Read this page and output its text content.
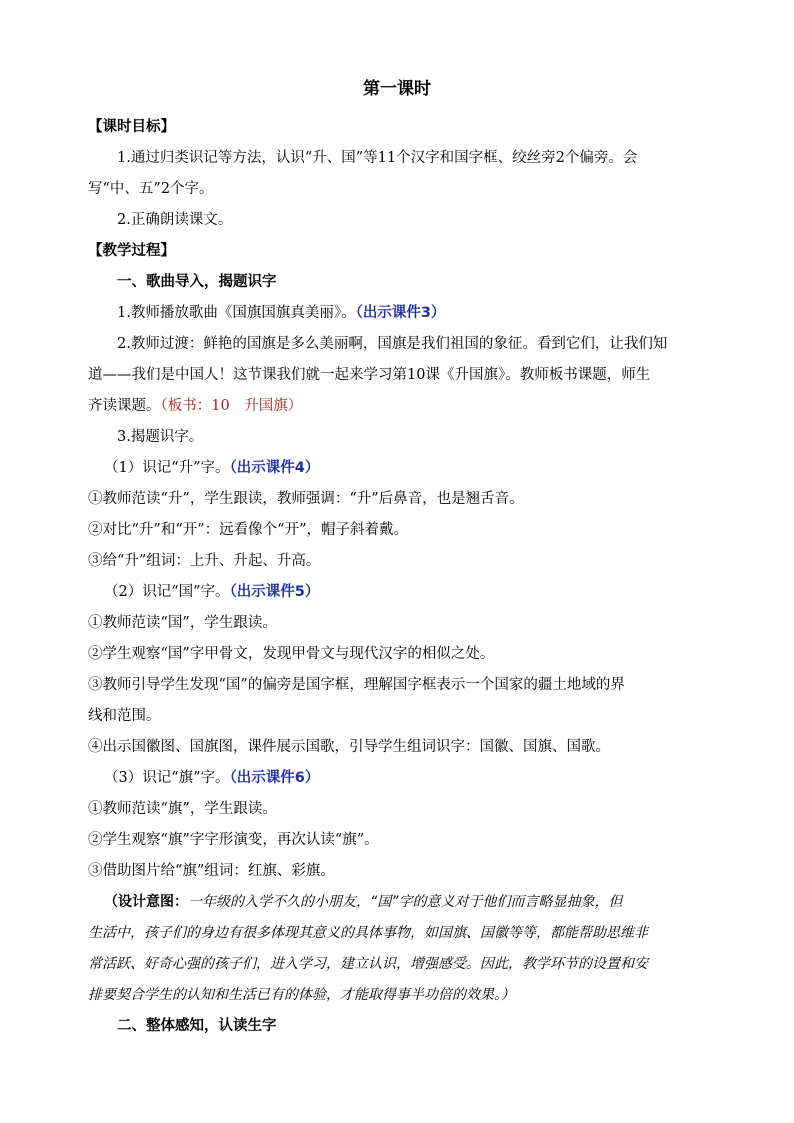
第一课时
【课时目标】
1.通过归类识记等方法，认识“升、国”等11个汉字和国字框、绞丝旁2个偏旁。会
写“中、五”2个字。
2.正确朗读课文。
【教学过程】
一、歌曲导入，揭题识字
1.教师播放歌曲《国旗国旗真美丽》。（出示课件3）
2.教师过渡：鲜艳的国旗是多么美丽啊，国旗是我们祖国的象征。看到它们，让我们知
道——我们是中国人！这节课我们就一起来学习第10课《升国旗》。教师板书课题，师生
齐读课题。（板书：10　升国旗）
3.揭题识字。
（1）识记“升”字。（出示课件4）
①教师范读“升”，学生跟读，教师强调：“升”后鼻音，也是翘舌音。
②对比“升”和“开”：远看像个“开”，帽子斜着戴。
③给“升”组词：上升、升起、升高。
（2）识记“国”字。（出示课件5）
①教师范读“国”，学生跟读。
②学生观察“国”字甲骨文，发现甲骨文与现代汉字的相似之处。
③教师引导学生发现“国”的偏旁是国字框，理解国字框表示一个国家的疆土地域的界
线和范围。
④出示国徽图、国旗图，课件展示国歌，引导学生组词识字：国徽、国旗、国歌。
（3）识记“旗”字。（出示课件6）
①教师范读“旗”，学生跟读。
②学生观察“旗”字字形演变，再次认读“旗”。
③借助图片给“旗”组词：红旗、彩旗。
（设计意图：一年级的入学不久的小朋友，“国”字的意义对于他们而言略显抽象，但
生活中，孩子们的身边有很多体现其意义的具体事物，如国旗、国徽等等，都能帮助思维非
常活跃、好奇心强的孩子们，进入学习，建立认识，增强感受。因此，教学环节的设置和安
排要契合学生的认知和生活已有的体验，才能取得事半功倍的效果。）
二、整体感知，认读生字
